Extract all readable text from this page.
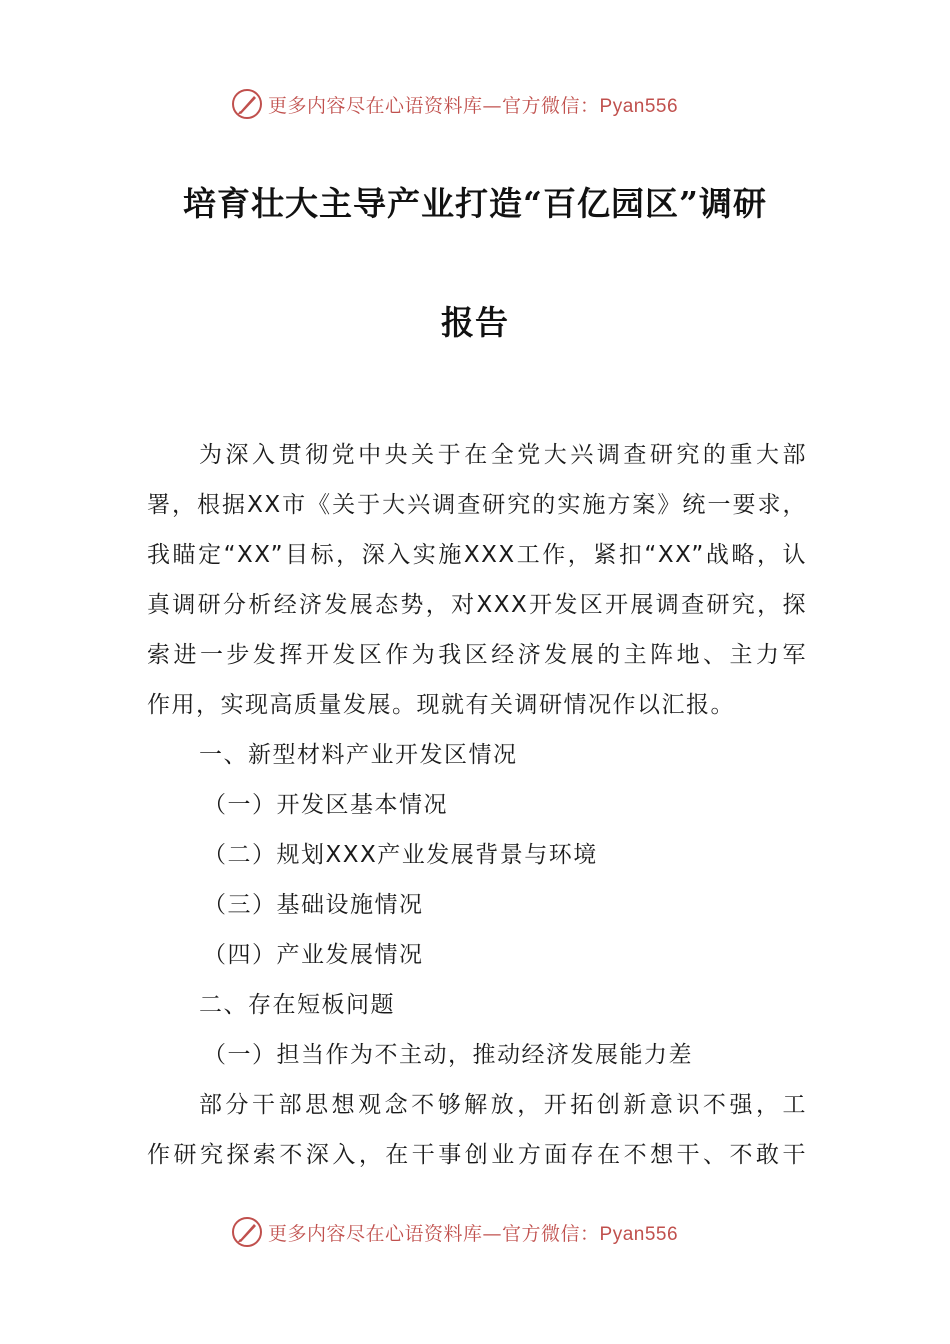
更多内容尽在心语资料库—官方微信：Pyan556
培育壮大主导产业打造“百亿园区”调研
报告

为深入贯彻党中央关于在全党大兴调查研究的重大部

署，根据XX市《关于大兴调查研究的实施方案》统一要求，

我瞄定“XX”目标，深入实施XXX工作，紧扣“XX”战略，认

真调研分析经济发展态势，对XXX开发区开展调查研究，探

索进一步发挥开发区作为我区经济发展的主阵地、主力军

作用，实现高质量发展。现就有关调研情况作以汇报。

一、新型材料产业开发区情况

（一）开发区基本情况

（二）规划XXX产业发展背景与环境

（三）基础设施情况

（四）产业发展情况

二、存在短板问题

（一）担当作为不主动，推动经济发展能力差

部分干部思想观念不够解放，开拓创新意识不强，工

作研究探索不深入，在干事创业方面存在不想干、不敢干

更多内容尽在心语资料库—官方微信：Pyan556
